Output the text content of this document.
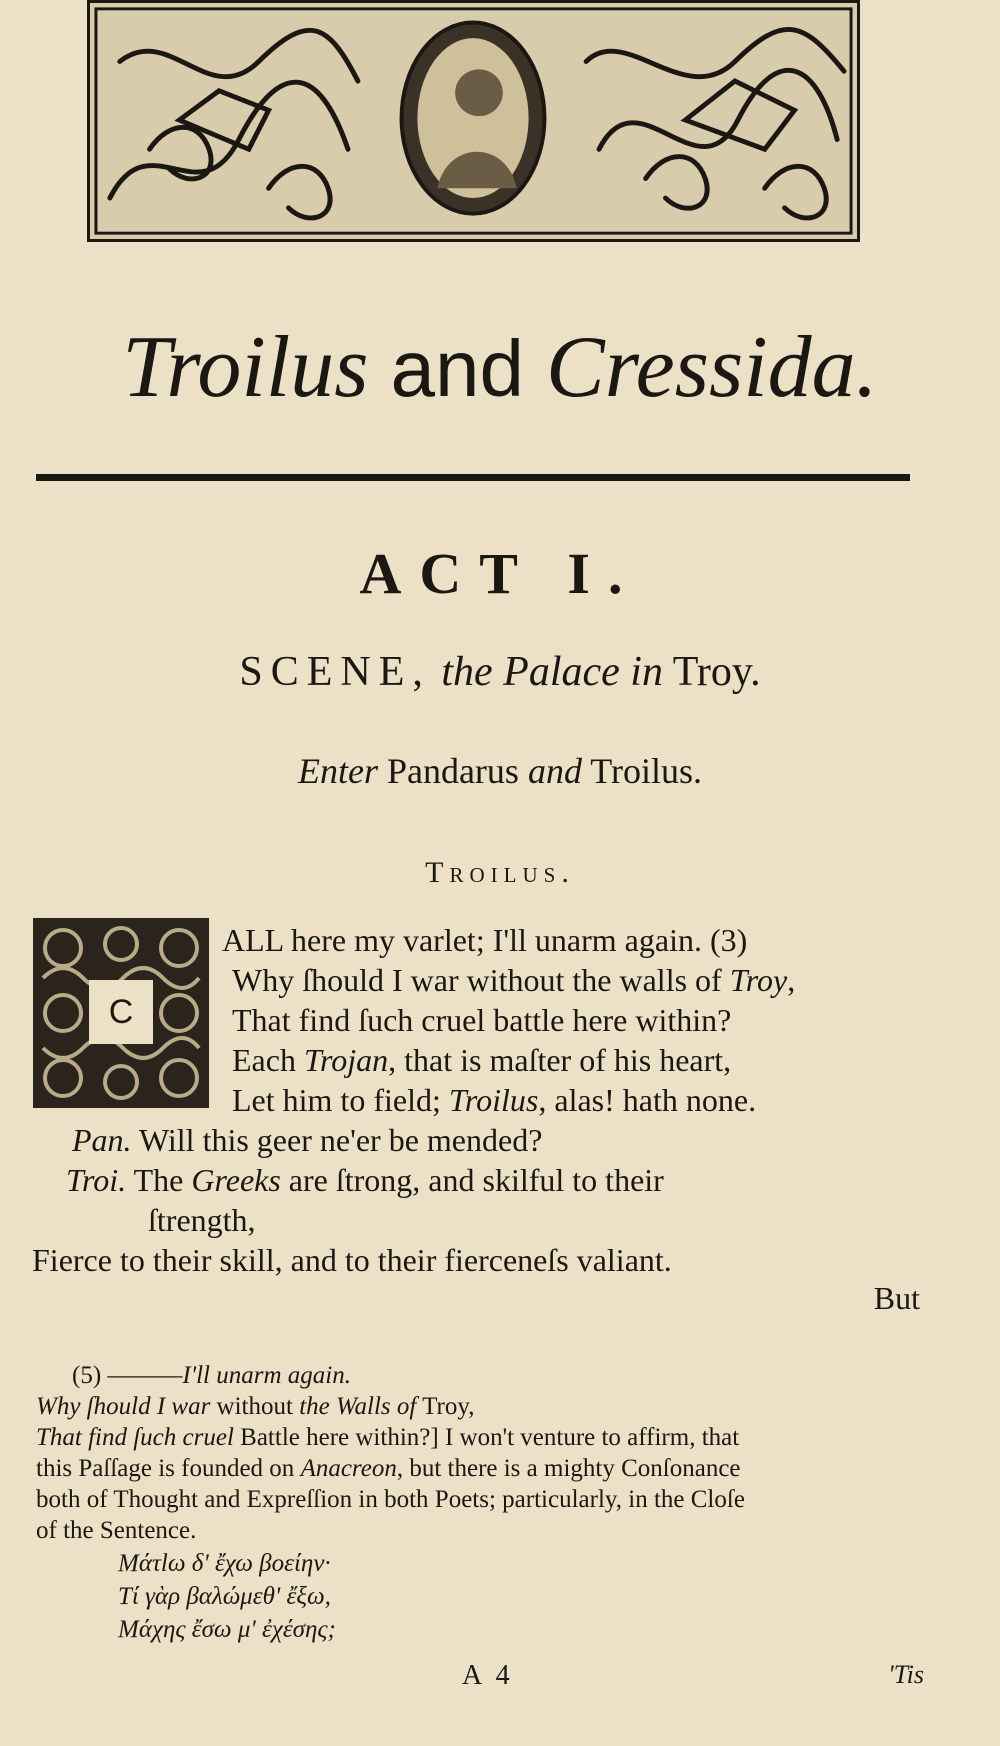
Troilus and Cressida.
ACT I.
SCENE, the Palace in Troy.
Enter Pandarus and Troilus.
Troilus.
C
ALL here my varlet; I'll unarm again. (3)
Why ſhould I war without the walls of Troy,
That find ſuch cruel battle here within?
Each Trojan, that is maſter of his heart,
Let him to field; Troilus, alas! hath none.
Pan. Will this geer ne'er be mended?
Troi. The Greeks are ſtrong, and skilful to their
ſtrength,
Fierce to their skill, and to their fierceneſs valiant.
But
(5) ———I'll unarm again.
Why ſhould I war without the Walls of Troy,
That find ſuch cruel Battle here within?] I won't venture to affirm, that
this Paſſage is founded on Anacreon, but there is a mighty Conſonance
both of Thought and Expreſſion in both Poets; particularly, in the Cloſe
of the Sentence.
Μάτlω δ' ἔχω βοείην·
Τί γὰρ βαλώμεθ' ἔξω,
Μάχης ἔσω μ' ἐχέσης;
A 4	'Tis
